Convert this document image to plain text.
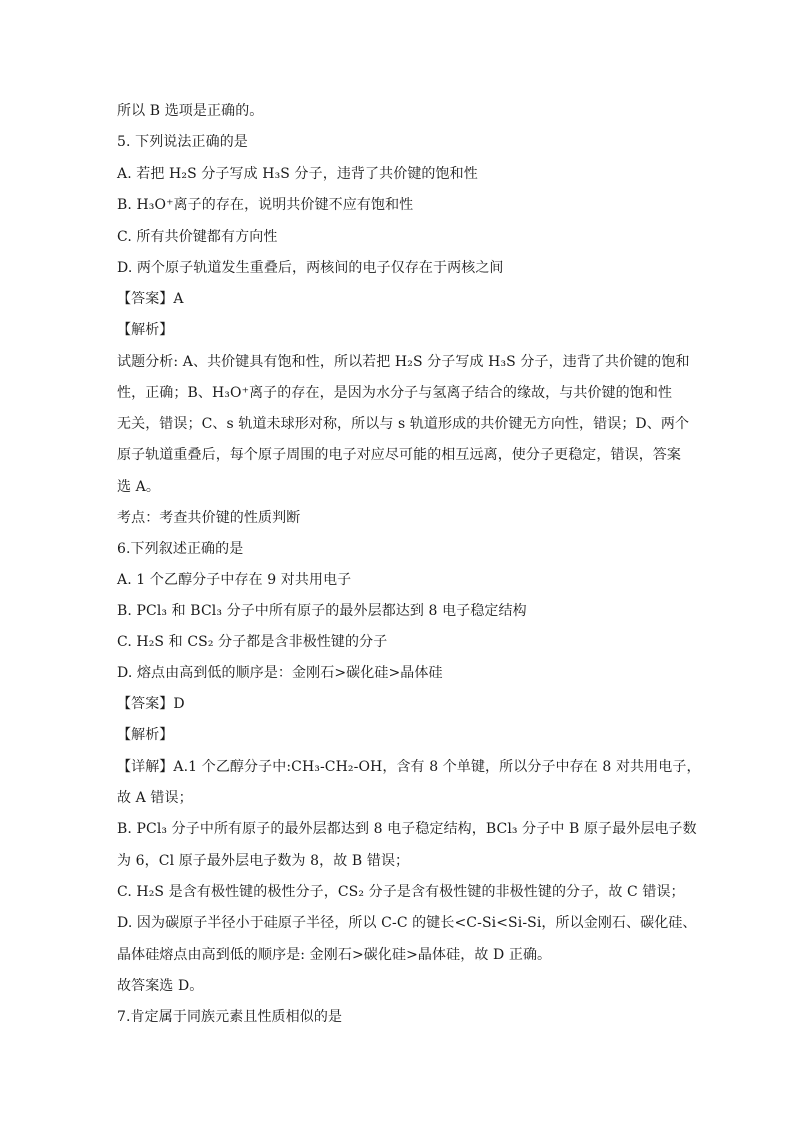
所以 B 选项是正确的。
5. 下列说法正确的是
A. 若把 H₂S 分子写成 H₃S 分子，违背了共价键的饱和性
B. H₃O⁺离子的存在，说明共价键不应有饱和性
C. 所有共价键都有方向性
D. 两个原子轨道发生重叠后，两核间的电子仅存在于两核之间
【答案】A
【解析】
试题分析: A、共价键具有饱和性，所以若把 H₂S 分子写成 H₃S 分子，违背了共价键的饱和
性，正确；B、H₃O⁺离子的存在，是因为水分子与氢离子结合的缘故，与共价键的饱和性
无关，错误；C、s 轨道未球形对称，所以与 s 轨道形成的共价键无方向性，错误；D、两个
原子轨道重叠后，每个原子周围的电子对应尽可能的相互远离，使分子更稳定，错误，答案
选 A。
考点：考查共价键的性质判断
6.下列叙述正确的是
A. 1 个乙醇分子中存在 9 对共用电子
B. PCl₃ 和 BCl₃ 分子中所有原子的最外层都达到 8 电子稳定结构
C. H₂S 和 CS₂ 分子都是含非极性键的分子
D. 熔点由高到低的顺序是：金刚石>碳化硅>晶体硅
【答案】D
【解析】
【详解】A.1 个乙醇分子中:CH₃-CH₂-OH，含有 8 个单键，所以分子中存在 8 对共用电子，
故 A 错误；
B. PCl₃ 分子中所有原子的最外层都达到 8 电子稳定结构，BCl₃ 分子中 B 原子最外层电子数
为 6，Cl 原子最外层电子数为 8，故 B 错误；
C. H₂S 是含有极性键的极性分子，CS₂ 分子是含有极性键的非极性键的分子，故 C 错误；
D. 因为碳原子半径小于硅原子半径，所以 C-C 的键长<C-Si<Si-Si，所以金刚石、碳化硅、
晶体硅熔点由高到低的顺序是: 金刚石>碳化硅>晶体硅，故 D 正确。
故答案选 D。
7.肯定属于同族元素且性质相似的是
